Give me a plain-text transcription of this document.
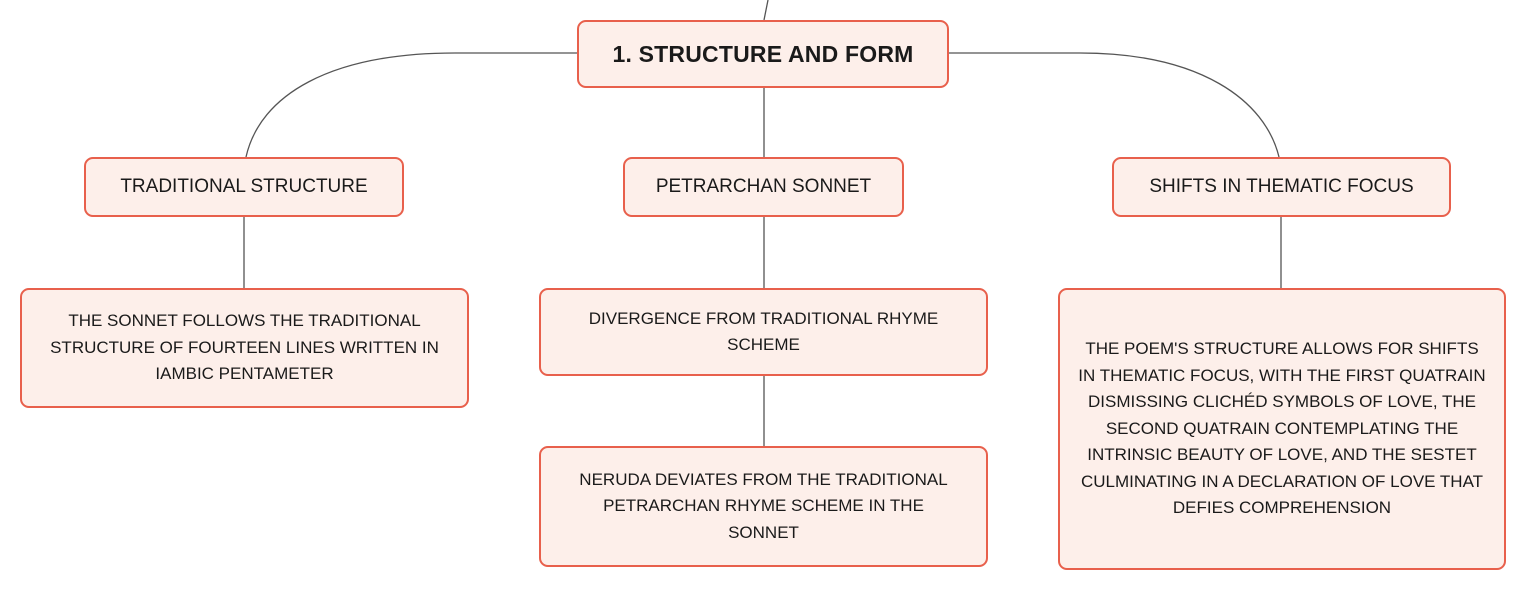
1. STRUCTURE AND FORM
TRADITIONAL STRUCTURE	PETRARCHAN SONNET	SHIFTS IN THEMATIC FOCUS
THE SONNET FOLLOWS THE TRADITIONAL STRUCTURE OF FOURTEEN LINES WRITTEN IN IAMBIC PENTAMETER
DIVERGENCE FROM TRADITIONAL RHYME SCHEME
NERUDA DEVIATES FROM THE TRADITIONAL PETRARCHAN RHYME SCHEME IN THE SONNET
THE POEM'S STRUCTURE ALLOWS FOR SHIFTS IN THEMATIC FOCUS, WITH THE FIRST QUATRAIN DISMISSING CLICHÉD SYMBOLS OF LOVE, THE SECOND QUATRAIN CONTEMPLATING THE INTRINSIC BEAUTY OF LOVE, AND THE SESTET CULMINATING IN A DECLARATION OF LOVE THAT DEFIES COMPREHENSION
